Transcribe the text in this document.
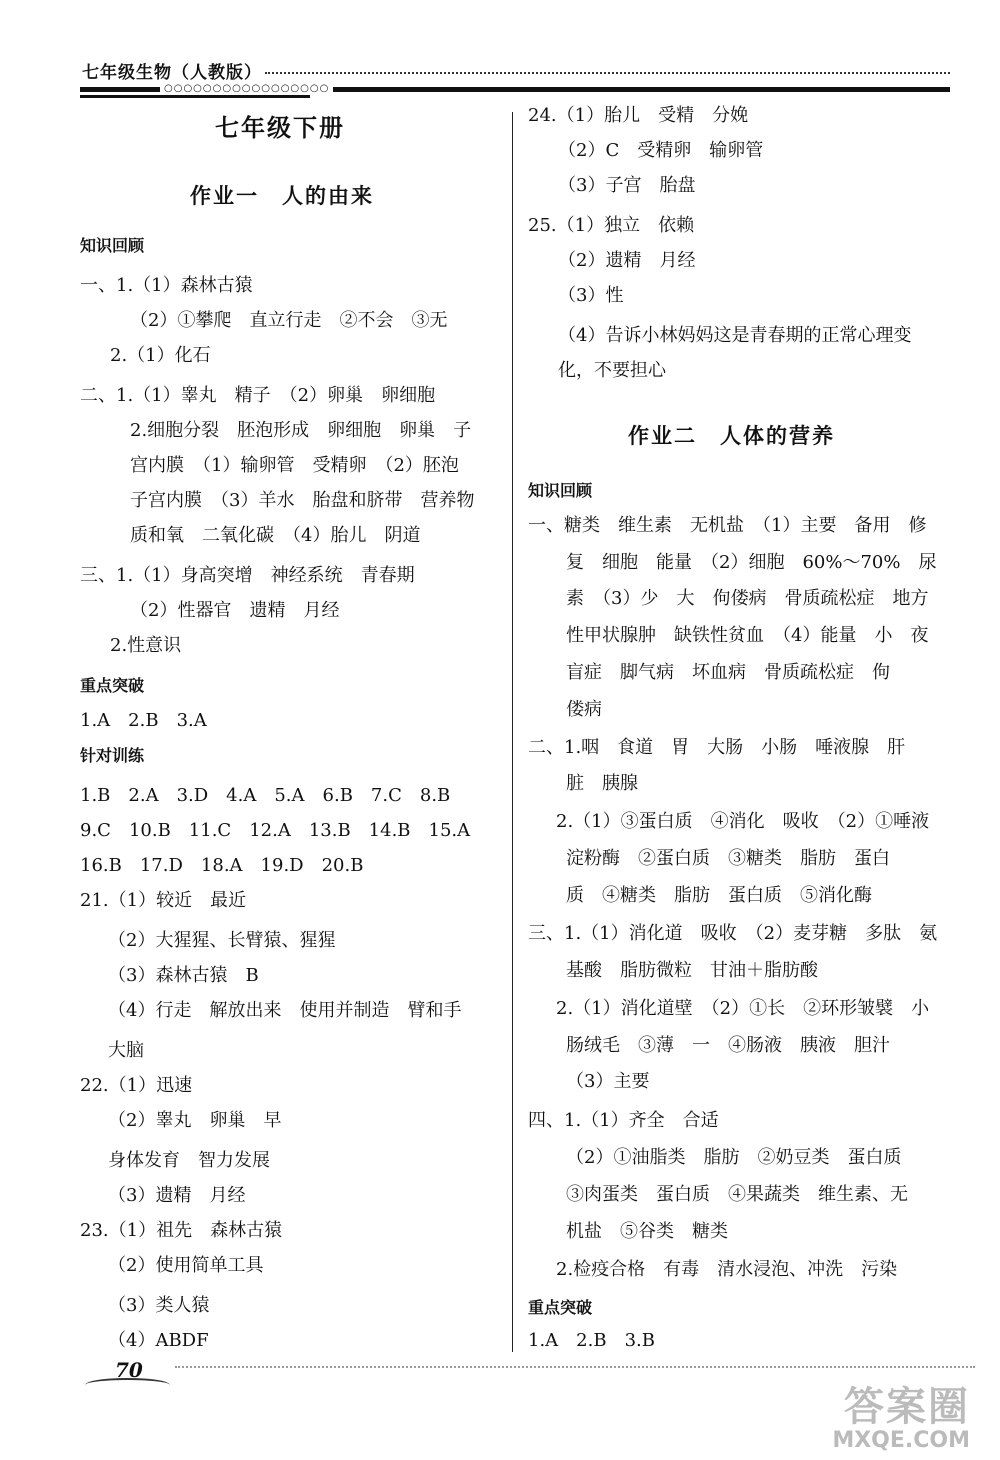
七年级生物（人教版）
○○○○○○○○○○○○○○○○○
七年级下册
作业一　人的由来
知识回顾
一、1.（1）森林古猿
（2）①攀爬　直立行走　②不会　③无
2.（1）化石
二、1.（1）睾丸　精子　（2）卵巢　卵细胞
2.细胞分裂　胚泡形成　卵细胞　卵巢　子
宫内膜　（1）输卵管　受精卵　（2）胚泡
子宫内膜　（3）羊水　胎盘和脐带　营养物
质和氧　二氧化碳　（4）胎儿　阴道
三、1.（1）身高突增　神经系统　青春期
（2）性器官　遗精　月经
2.性意识
重点突破
1.A　2.B　3.A
针对训练
1.B　2.A　3.D　4.A　5.A　6.B　7.C　8.B
9.C　10.B　11.C　12.A　13.B　14.B　15.A
16.B　17.D　18.A　19.D　20.B
21.（1）较近　最近
（2）大猩猩、长臂猿、猩猩
（3）森林古猿　B
（4）行走　解放出来　使用并制造　臂和手
大脑
22.（1）迅速
（2）睾丸　卵巢　早
身体发育　智力发展
（3）遗精　月经
23.（1）祖先　森林古猿
（2）使用简单工具
（3）类人猿
（4）ABDF
24.（1）胎儿　受精　分娩
（2）C　受精卵　输卵管
（3）子宫　胎盘
25.（1）独立　依赖
（2）遗精　月经
（3）性
（4）告诉小林妈妈这是青春期的正常心理变
化，不要担心
作业二　人体的营养
知识回顾
一、糖类　维生素　无机盐　（1）主要　备用　修
复　细胞　能量　（2）细胞　60%～70%　尿
素　（3）少　大　佝偻病　骨质疏松症　地方
性甲状腺肿　缺铁性贫血　（4）能量　小　夜
盲症　脚气病　坏血病　骨质疏松症　佝
偻病
二、1.咽　食道　胃　大肠　小肠　唾液腺　肝
脏　胰腺
2.（1）③蛋白质　④消化　吸收　（2）①唾液
淀粉酶　②蛋白质　③糖类　脂肪　蛋白
质　④糖类　脂肪　蛋白质　⑤消化酶
三、1.（1）消化道　吸收　（2）麦芽糖　多肽　氨
基酸　脂肪微粒　甘油＋脂肪酸
2.（1）消化道壁　（2）①长　②环形皱襞　小
肠绒毛　③薄　一　④肠液　胰液　胆汁
（3）主要
四、1.（1）齐全　合适
（2）①油脂类　脂肪　②奶豆类　蛋白质
③肉蛋类　蛋白质　④果蔬类　维生素、无
机盐　⑤谷类　糖类
2.检疫合格　有毒　清水浸泡、冲洗　污染
重点突破
1.A　2.B　3.B
70
答案圈
MXQE.COM
